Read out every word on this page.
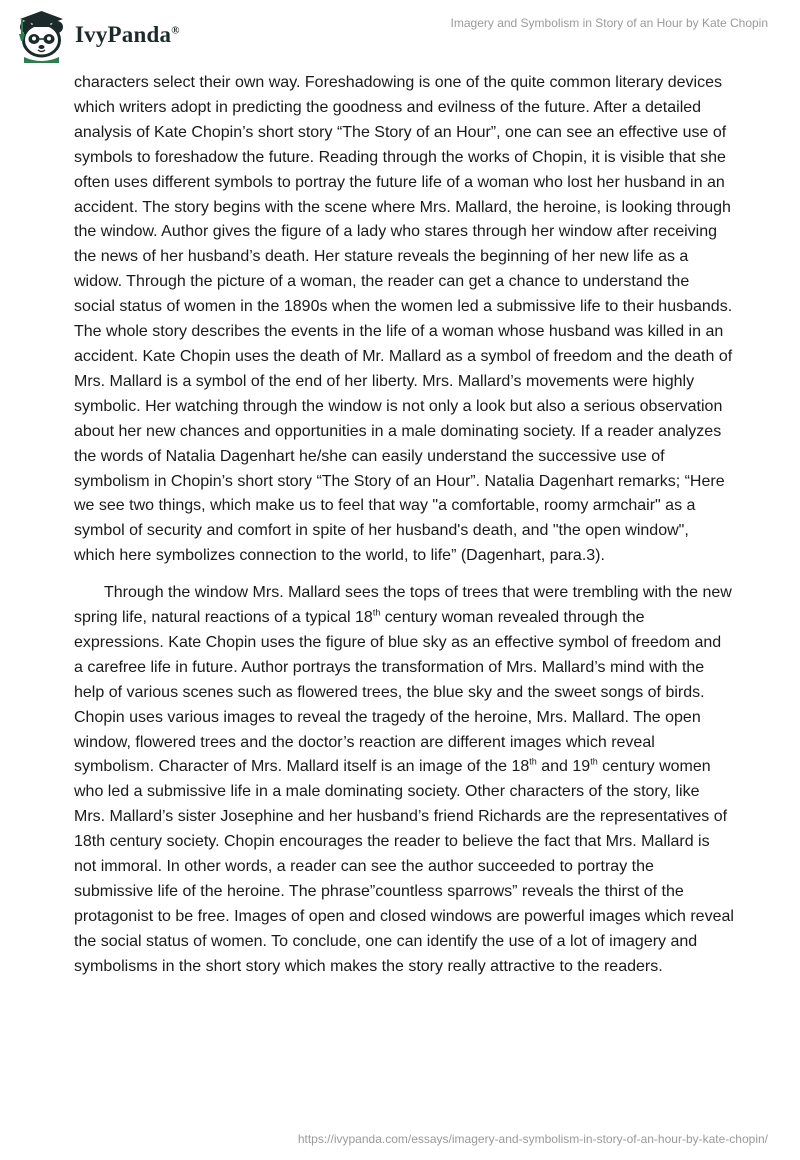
IvyPanda®
Imagery and Symbolism in Story of an Hour by Kate Chopin

characters select their own way. Foreshadowing is one of the quite common literary devices which writers adopt in predicting the goodness and evilness of the future. After a detailed analysis of Kate Chopin’s short story “The Story of an Hour”, one can see an effective use of symbols to foreshadow the future. Reading through the works of Chopin, it is visible that she often uses different symbols to portray the future life of a woman who lost her husband in an accident. The story begins with the scene where Mrs. Mallard, the heroine, is looking through the window. Author gives the figure of a lady who stares through her window after receiving the news of her husband’s death. Her stature reveals the beginning of her new life as a widow. Through the picture of a woman, the reader can get a chance to understand the social status of women in the 1890s when the women led a submissive life to their husbands. The whole story describes the events in the life of a woman whose husband was killed in an accident. Kate Chopin uses the death of Mr. Mallard as a symbol of freedom and the death of Mrs. Mallard is a symbol of the end of her liberty. Mrs. Mallard’s movements were highly symbolic. Her watching through the window is not only a look but also a serious observation about her new chances and opportunities in a male dominating society. If a reader analyzes the words of Natalia Dagenhart he/she can easily understand the successive use of symbolism in Chopin’s short story “The Story of an Hour”. Natalia Dagenhart remarks; “Here we see two things, which make us to feel that way "a comfortable, roomy armchair" as a symbol of security and comfort in spite of her husband's death, and "the open window", which here symbolizes connection to the world, to life” (Dagenhart, para.3).

Through the window Mrs. Mallard sees the tops of trees that were trembling with the new spring life, natural reactions of a typical 18th century woman revealed through the expressions. Kate Chopin uses the figure of blue sky as an effective symbol of freedom and a carefree life in future. Author portrays the transformation of Mrs. Mallard’s mind with the help of various scenes such as flowered trees, the blue sky and the sweet songs of birds. Chopin uses various images to reveal the tragedy of the heroine, Mrs. Mallard. The open window, flowered trees and the doctor’s reaction are different images which reveal symbolism. Character of Mrs. Mallard itself is an image of the 18th and 19th century women who led a submissive life in a male dominating society. Other characters of the story, like Mrs. Mallard’s sister Josephine and her husband’s friend Richards are the representatives of 18th century society. Chopin encourages the reader to believe the fact that Mrs. Mallard is not immoral. In other words, a reader can see the author succeeded to portray the submissive life of the heroine. The phrase”countless sparrows” reveals the thirst of the protagonist to be free. Images of open and closed windows are powerful images which reveal the social status of women. To conclude, one can identify the use of a lot of imagery and symbolisms in the short story which makes the story really attractive to the readers.

https://ivypanda.com/essays/imagery-and-symbolism-in-story-of-an-hour-by-kate-chopin/
